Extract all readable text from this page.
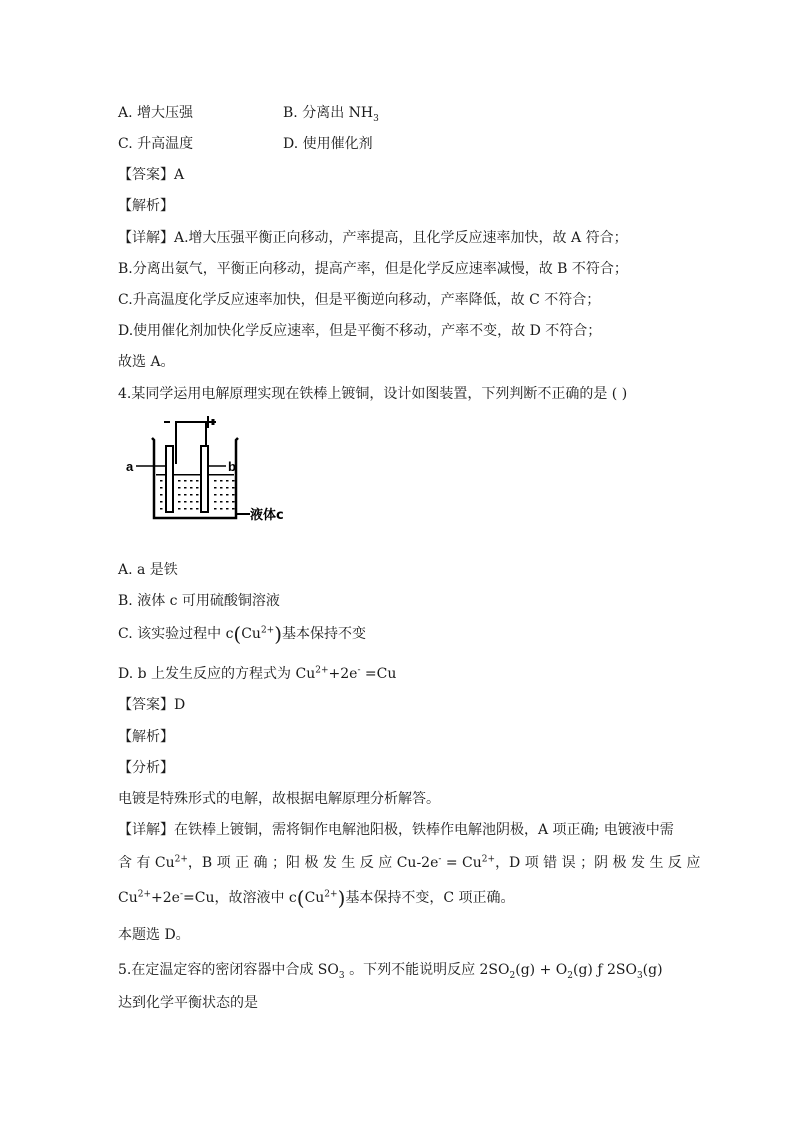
A. 增大压强	B. 分离出 $NH_3$
C. 升高温度	D. 使用催化剂
【答案】A
【解析】
【详解】A.增大压强平衡正向移动，产率提高，且化学反应速率加快，故 A 符合；
B.分离出氨气，平衡正向移动，提高产率，但是化学反应速率减慢，故 B 不符合；
C.升高温度化学反应速率加快，但是平衡逆向移动，产率降低，故 C 不符合；
D.使用催化剂加快化学反应速率，但是平衡不移动，产率不变，故 D 不符合；
故选 A。
4.某同学运用电解原理实现在铁棒上镀铜，设计如图装置，下列判断不正确的是 ( )
a	b
液体c
A. a 是铁
B. 液体 c 可用硫酸铜溶液
C. 该实验过程中 $c(Cu^{2+})$基本保持不变
D. b 上发生反应的方程式为 $Cu^{2+}+2e^- =Cu$
【答案】D
【解析】
【分析】
电镀是特殊形式的电解，故根据电解原理分析解答。
【详解】在铁棒上镀铜，需将铜作电解池阳极，铁棒作电解池阴极，A 项正确; 电镀液中需
含 有 $Cu^{2+}$，B 项 正 确 ；阳 极 发 生 反 应 $Cu-2e^- = Cu^{2+}$，D 项 错 误 ；阴 极 发 生 反 应
$Cu^{2+}+2e^-=Cu$，故溶液中 $c(Cu^{2+})$基本保持不变，C 项正确。
本题选 D。
5.在定温定容的密闭容器中合成 $SO_3$ 。下列不能说明反应 $2SO_2(g) + O_2(g)$ ƒ $2SO_3(g)$
达到化学平衡状态的是
